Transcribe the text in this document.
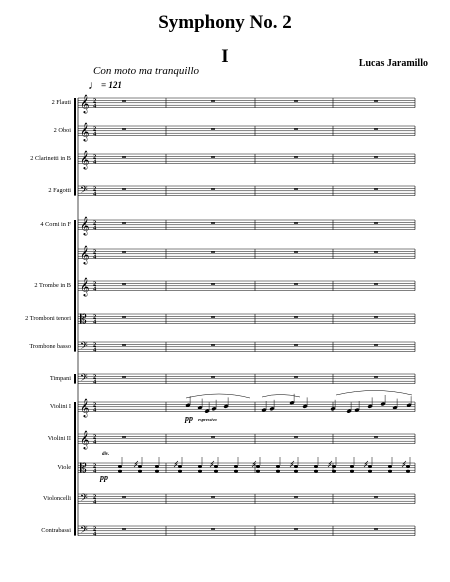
Symphony No. 2
I	Lucas Jaramillo
Con moto ma tranquillo
♩ = 121
2 Flauti
2 Oboi
2 Clarinetti in B
2 Fagotti
4 Corni in F
2 Trombe in B
2 Tromboni tenori
Trombone basso
Timpani
Violini I
Violini II
Viole
Violoncelli
Contrabassi
𝄞 2
4
𝄞 2
4
𝄞 2
4
𝄢 2
4
𝄞 2
4
𝄞 2
4
𝄞 2
4
𝄡 2
4
𝄢 2
4
𝄢 2
4
𝄞 2
4
𝄞 2
4
𝄡 2
4
𝄢 2
4
𝄢 2
4
pp espressivo
div.
pp
